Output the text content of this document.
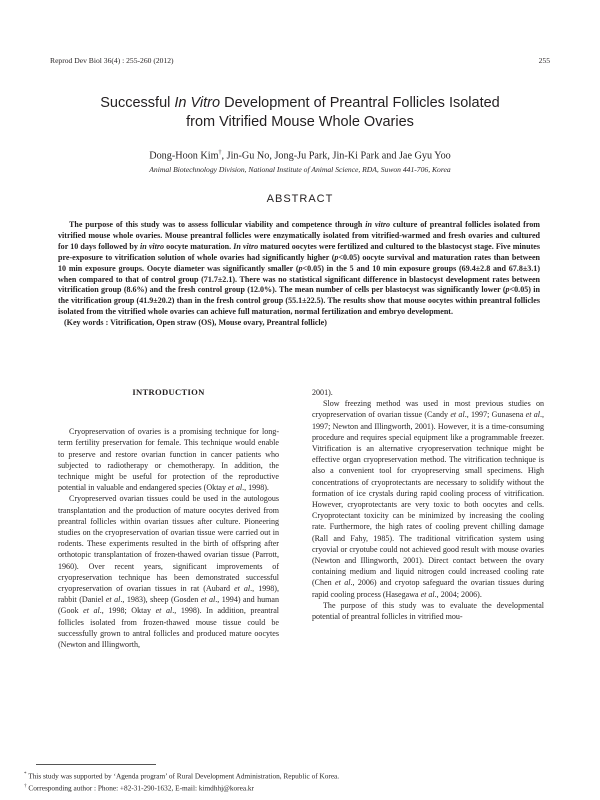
Reprod Dev Biol 36(4) : 255-260 (2012)	255
Successful In Vitro Development of Preantral Follicles Isolated
from Vitrified Mouse Whole Ovaries
Dong-Hoon Kim†, Jin-Gu No, Jong-Ju Park, Jin-Ki Park and Jae Gyu Yoo
Animal Biotechnology Division, National Institute of Animal Science, RDA, Suwon 441-706, Korea
ABSTRACT

The purpose of this study was to assess follicular viability and competence through in vitro culture of preantral follicles isolated from vitrified mouse whole ovaries. Mouse preantral follicles were enzymatically isolated from vitrified-warmed and fresh ovaries and cultured for 10 days followed by in vitro oocyte maturation. In vitro matured oocytes were fertilized and cultured to the blastocyst stage. Five minutes pre-exposure to vitrification solution of whole ovaries had significantly higher (p<0.05) oocyte survival and maturation rates than between 10 min exposure groups. Oocyte diameter was significantly smaller (p<0.05) in the 5 and 10 min exposure groups (69.4±2.8 and 67.8±3.1) when compared to that of control group (71.7±2.1). There was no statistical significant difference in blastocyst development rates between vitrification group (8.6%) and the fresh control group (12.0%). The mean number of cells per blastocyst was significantly lower (p<0.05) in the vitrification group (41.9±20.2) than in the fresh control group (55.1±22.5). The results show that mouse oocytes within preantral follicles isolated from the vitrified whole ovaries can achieve full maturation, normal fertilization and embryo development.

(Key words : Vitrification, Open straw (OS), Mouse ovary, Preantral follicle)

INTRODUCTION

Cryopreservation of ovaries is a promising technique for long-term fertility preservation for female. This technique would enable to preserve and restore ovarian function in cancer patients who subjected to radiotherapy or chemotherapy. In addition, the technique might be useful for protection of the reproductive potential in valuable and endangered species (Oktay et al., 1998).

Cryopreserved ovarian tissues could be used in the autologous transplantation and the production of mature oocytes derived from preantral follicles within ovarian tissues after culture. Pioneering studies on the cryopreservation of ovarian tissue were carried out in rodents. These experiments resulted in the birth of offspring after orthotopic transplantation of frozen-thawed ovarian tissue (Parrott, 1960). Over recent years, significant improvements of cryopreservation technique has been demonstrated successful cryopreservation of ovarian tissues in rat (Aubard et al., 1998), rabbit (Daniel et al., 1983), sheep (Gosden et al., 1994) and human (Gook et al., 1998; Oktay et al., 1998). In addition, preantral follicles isolated from frozen-thawed mouse tissue could be successfully grown to antral follicles and produced mature oocytes (Newton and Illingworth,

2001).

Slow freezing method was used in most previous studies on cryopreservation of ovarian tissue (Candy et al., 1997; Gunasena et al., 1997; Newton and Illingworth, 2001). However, it is a time-consuming procedure and requires special equipment like a programmable freezer. Vitrification is an alternative cryopreservation technique might be effective organ cryopreservation method. The vitrification technique is also a convenient tool for cryopreserving small specimens. High concentrations of cryoprotectants are necessary to solidify without the formation of ice crystals during rapid cooling process of vitrification. However, cryoprotectants are very toxic to both oocytes and cells. Cryoprotectant toxicity can be minimized by increasing the cooling rate. Furthermore, the high rates of cooling prevent chilling damage (Rall and Fahy, 1985). The traditional vitrification system using cryovial or cryotube could not achieved good result with mouse ovaries (Newton and Illingworth, 2001). Direct contact between the ovary containing medium and liquid nitrogen could increased cooling rate (Chen et al., 2006) and cryotop safeguard the ovarian tissues during rapid cooling process (Hasegawa et al., 2004; 2006).

The purpose of this study was to evaluate the developmental potential of preantral follicles in vitrified mou-

* This study was supported by ‘Agenda program’ of Rural Development Administration, Republic of Korea.
† Corresponding author : Phone: +82-31-290-1632, E-mail: kimdhhj@korea.kr
